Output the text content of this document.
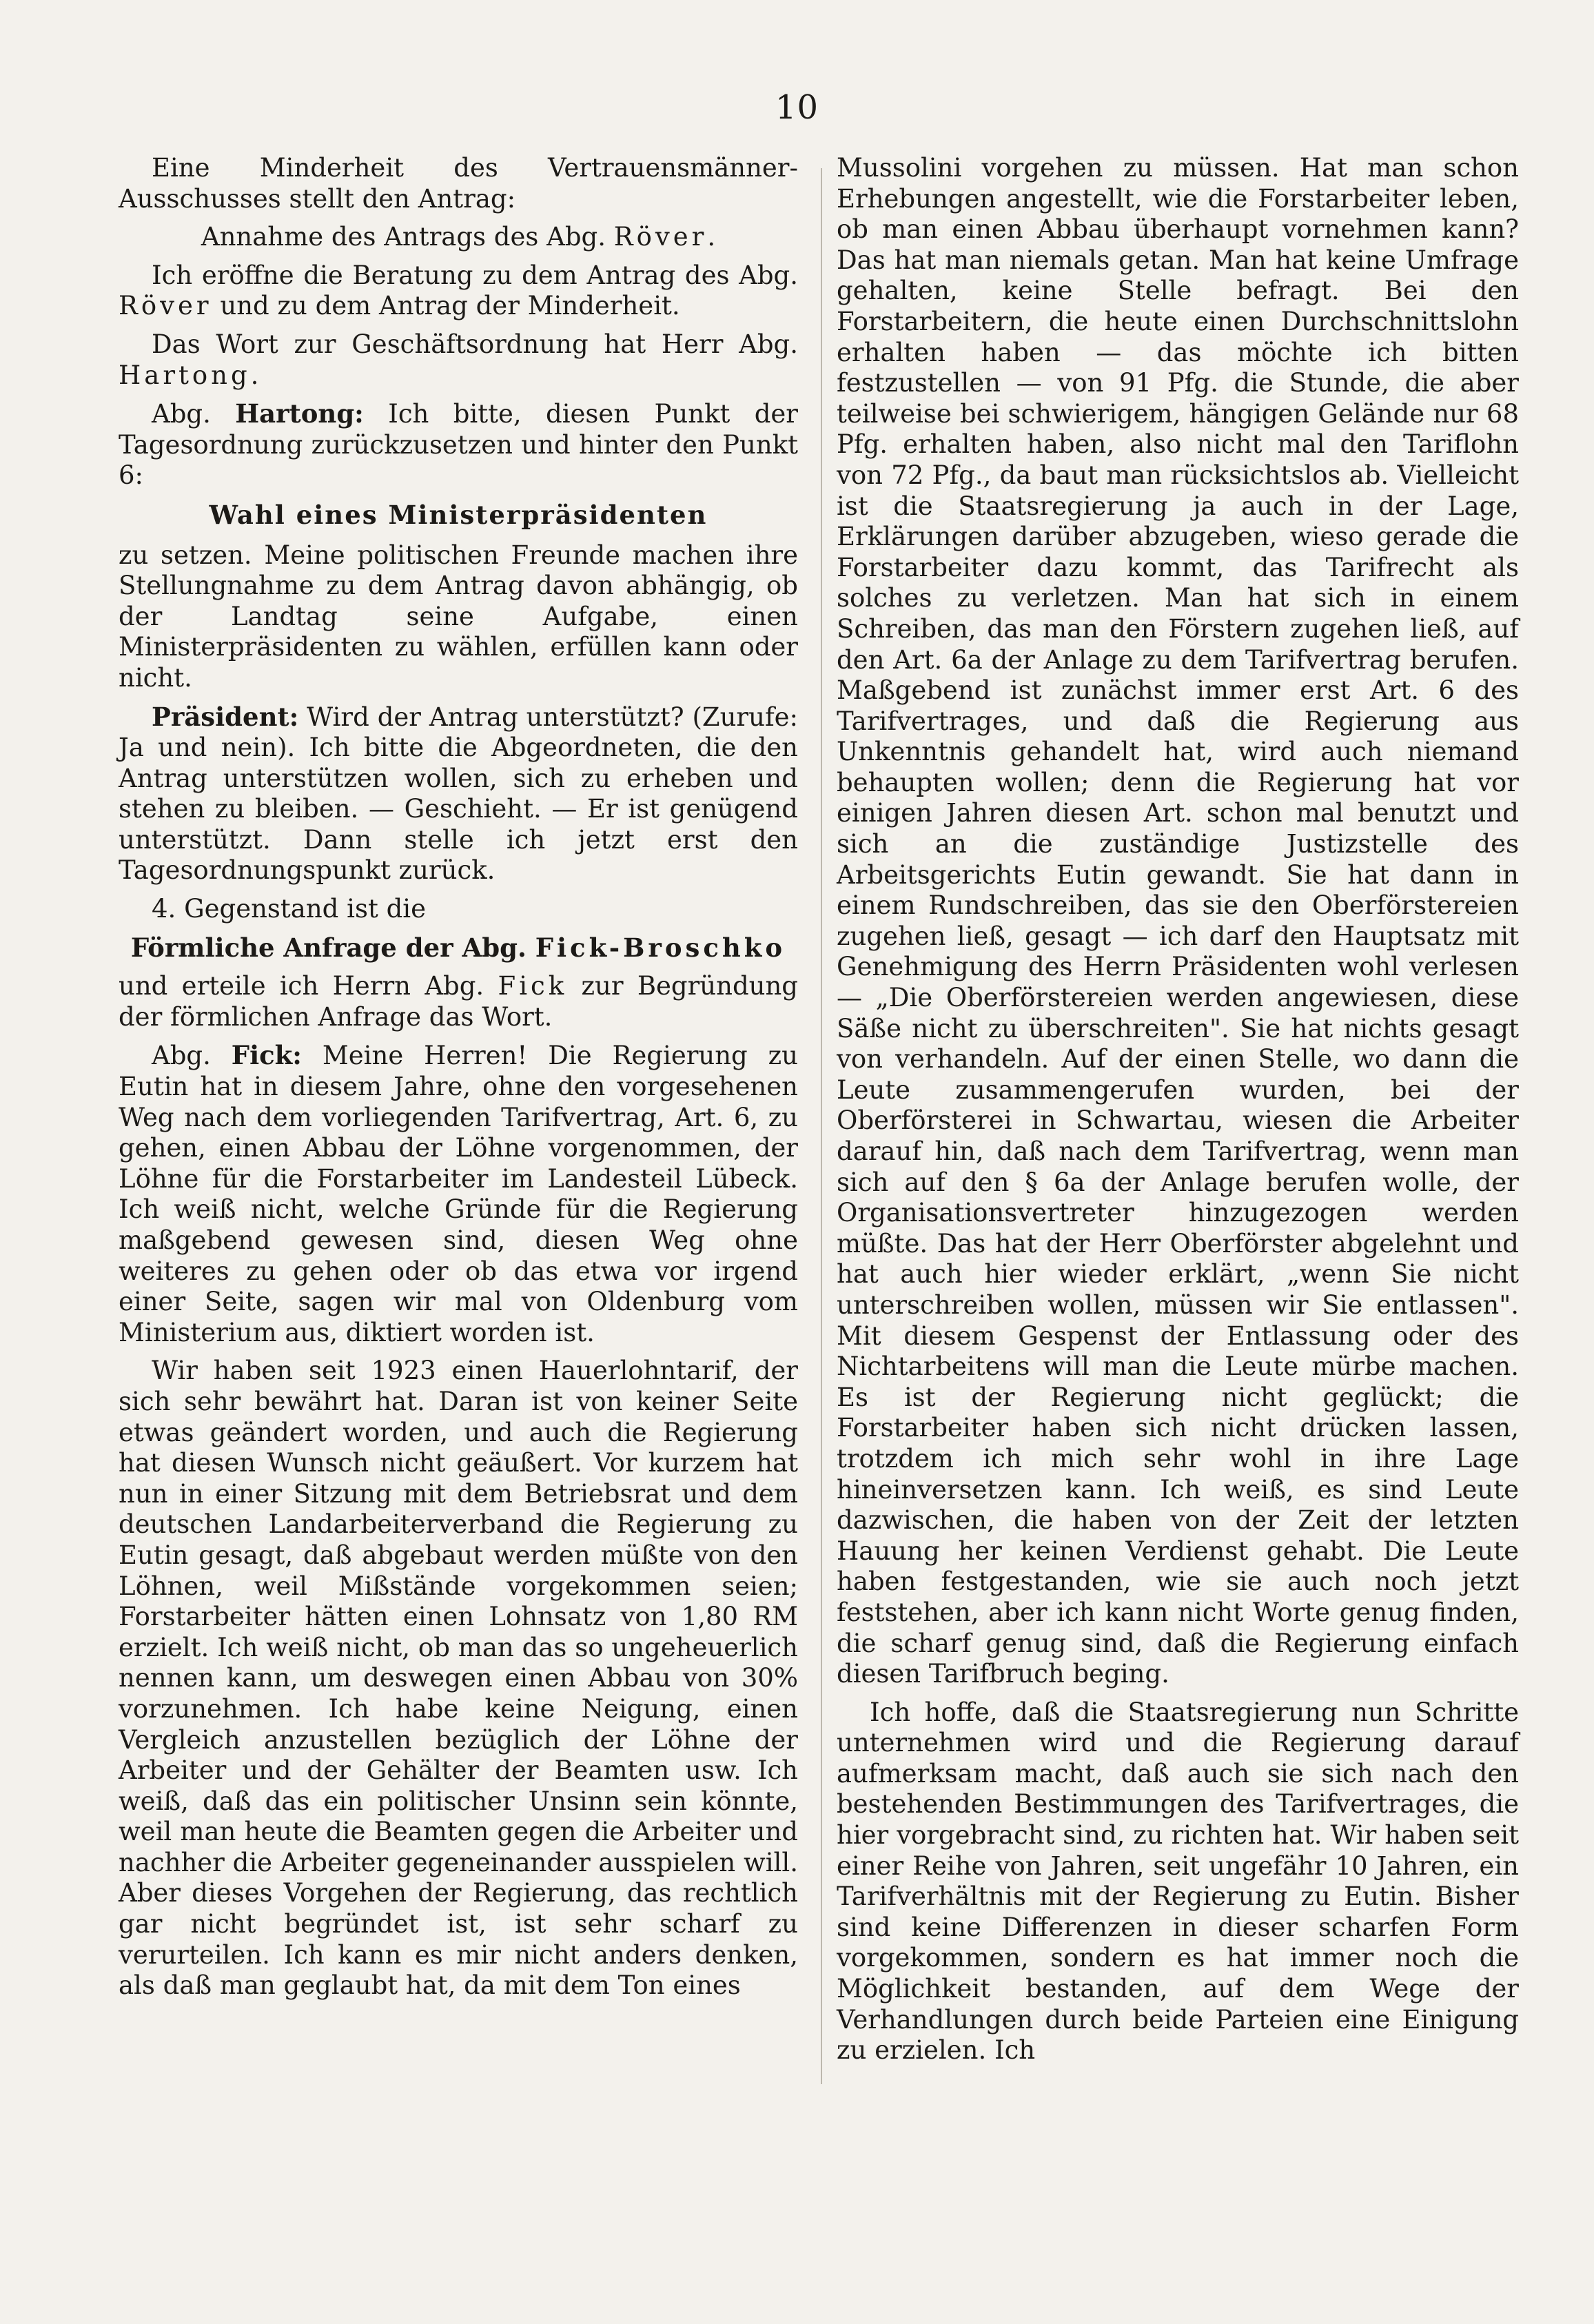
10

Eine Minderheit des Vertrauensmänner-Ausschusses stellt den Antrag:

Annahme des Antrags des Abg. Röver.

Ich eröffne die Beratung zu dem Antrag des Abg. Röver und zu dem Antrag der Minderheit.

Das Wort zur Geschäftsordnung hat Herr Abg. Hartong.

Abg. Hartong: Ich bitte, diesen Punkt der Tagesordnung zurückzusetzen und hinter den Punkt 6:

Wahl eines Ministerpräsidenten

zu setzen. Meine politischen Freunde machen ihre Stellungnahme zu dem Antrag davon abhängig, ob der Landtag seine Aufgabe, einen Ministerpräsidenten zu wählen, erfüllen kann oder nicht.

Präsident: Wird der Antrag unterstützt? (Zurufe: Ja und nein). Ich bitte die Abgeordneten, die den Antrag unterstützen wollen, sich zu erheben und stehen zu bleiben. — Geschieht. — Er ist genügend unterstützt. Dann stelle ich jetzt erst den Tagesordnungspunkt zurück.

4. Gegenstand ist die

Förmliche Anfrage der Abg. Fick-Broschko

und erteile ich Herrn Abg. Fick zur Begründung der förmlichen Anfrage das Wort.

Abg. Fick: Meine Herren! Die Regierung zu Eutin hat in diesem Jahre, ohne den vorgesehenen Weg nach dem vorliegenden Tarifvertrag, Art. 6, zu gehen, einen Abbau der Löhne vorgenommen, der Löhne für die Forstarbeiter im Landesteil Lübeck. Ich weiß nicht, welche Gründe für die Regierung maßgebend gewesen sind, diesen Weg ohne weiteres zu gehen oder ob das etwa vor irgend einer Seite, sagen wir mal von Oldenburg vom Ministerium aus, diktiert worden ist.

Wir haben seit 1923 einen Hauerlohntarif, der sich sehr bewährt hat. Daran ist von keiner Seite etwas geändert worden, und auch die Regierung hat diesen Wunsch nicht geäußert. Vor kurzem hat nun in einer Sitzung mit dem Betriebsrat und dem deutschen Landarbeiterverband die Regierung zu Eutin gesagt, daß abgebaut werden müßte von den Löhnen, weil Mißstände vorgekommen seien; Forstarbeiter hätten einen Lohnsatz von 1,80 RM erzielt. Ich weiß nicht, ob man das so ungeheuerlich nennen kann, um deswegen einen Abbau von 30% vorzunehmen. Ich habe keine Neigung, einen Vergleich anzustellen bezüglich der Löhne der Arbeiter und der Gehälter der Beamten usw. Ich weiß, daß das ein politischer Unsinn sein könnte, weil man heute die Beamten gegen die Arbeiter und nachher die Arbeiter gegeneinander ausspielen will. Aber dieses Vorgehen der Regierung, das rechtlich gar nicht begründet ist, ist sehr scharf zu verurteilen. Ich kann es mir nicht anders denken, als daß man geglaubt hat, da mit dem Ton eines

Mussolini vorgehen zu müssen. Hat man schon Erhebungen angestellt, wie die Forstarbeiter leben, ob man einen Abbau überhaupt vornehmen kann? Das hat man niemals getan. Man hat keine Umfrage gehalten, keine Stelle befragt. Bei den Forstarbeitern, die heute einen Durchschnittslohn erhalten haben — das möchte ich bitten festzustellen — von 91 Pfg. die Stunde, die aber teilweise bei schwierigem, hängigen Gelände nur 68 Pfg. erhalten haben, also nicht mal den Tariflohn von 72 Pfg., da baut man rücksichtslos ab. Vielleicht ist die Staatsregierung ja auch in der Lage, Erklärungen darüber abzugeben, wieso gerade die Forstarbeiter dazu kommt, das Tarifrecht als solches zu verletzen. Man hat sich in einem Schreiben, das man den Förstern zugehen ließ, auf den Art. 6a der Anlage zu dem Tarifvertrag berufen. Maßgebend ist zunächst immer erst Art. 6 des Tarifvertrages, und daß die Regierung aus Unkenntnis gehandelt hat, wird auch niemand behaupten wollen; denn die Regierung hat vor einigen Jahren diesen Art. schon mal benutzt und sich an die zuständige Justizstelle des Arbeitsgerichts Eutin gewandt. Sie hat dann in einem Rundschreiben, das sie den Oberförstereien zugehen ließ, gesagt — ich darf den Hauptsatz mit Genehmigung des Herrn Präsidenten wohl verlesen — „Die Oberförstereien werden angewiesen, diese Säße nicht zu überschreiten". Sie hat nichts gesagt von verhandeln. Auf der einen Stelle, wo dann die Leute zusammengerufen wurden, bei der Oberförsterei in Schwartau, wiesen die Arbeiter darauf hin, daß nach dem Tarifvertrag, wenn man sich auf den § 6a der Anlage berufen wolle, der Organisationsvertreter hinzugezogen werden müßte. Das hat der Herr Oberförster abgelehnt und hat auch hier wieder erklärt, „wenn Sie nicht unterschreiben wollen, müssen wir Sie entlassen". Mit diesem Gespenst der Entlassung oder des Nichtarbeitens will man die Leute mürbe machen. Es ist der Regierung nicht geglückt; die Forstarbeiter haben sich nicht drücken lassen, trotzdem ich mich sehr wohl in ihre Lage hineinversetzen kann. Ich weiß, es sind Leute dazwischen, die haben von der Zeit der letzten Hauung her keinen Verdienst gehabt. Die Leute haben festgestanden, wie sie auch noch jetzt feststehen, aber ich kann nicht Worte genug finden, die scharf genug sind, daß die Regierung einfach diesen Tarifbruch beging.

Ich hoffe, daß die Staatsregierung nun Schritte unternehmen wird und die Regierung darauf aufmerksam macht, daß auch sie sich nach den bestehenden Bestimmungen des Tarifvertrages, die hier vorgebracht sind, zu richten hat. Wir haben seit einer Reihe von Jahren, seit ungefähr 10 Jahren, ein Tarifverhältnis mit der Regierung zu Eutin. Bisher sind keine Differenzen in dieser scharfen Form vorgekommen, sondern es hat immer noch die Möglichkeit bestanden, auf dem Wege der Verhandlungen durch beide Parteien eine Einigung zu erzielen. Ich
